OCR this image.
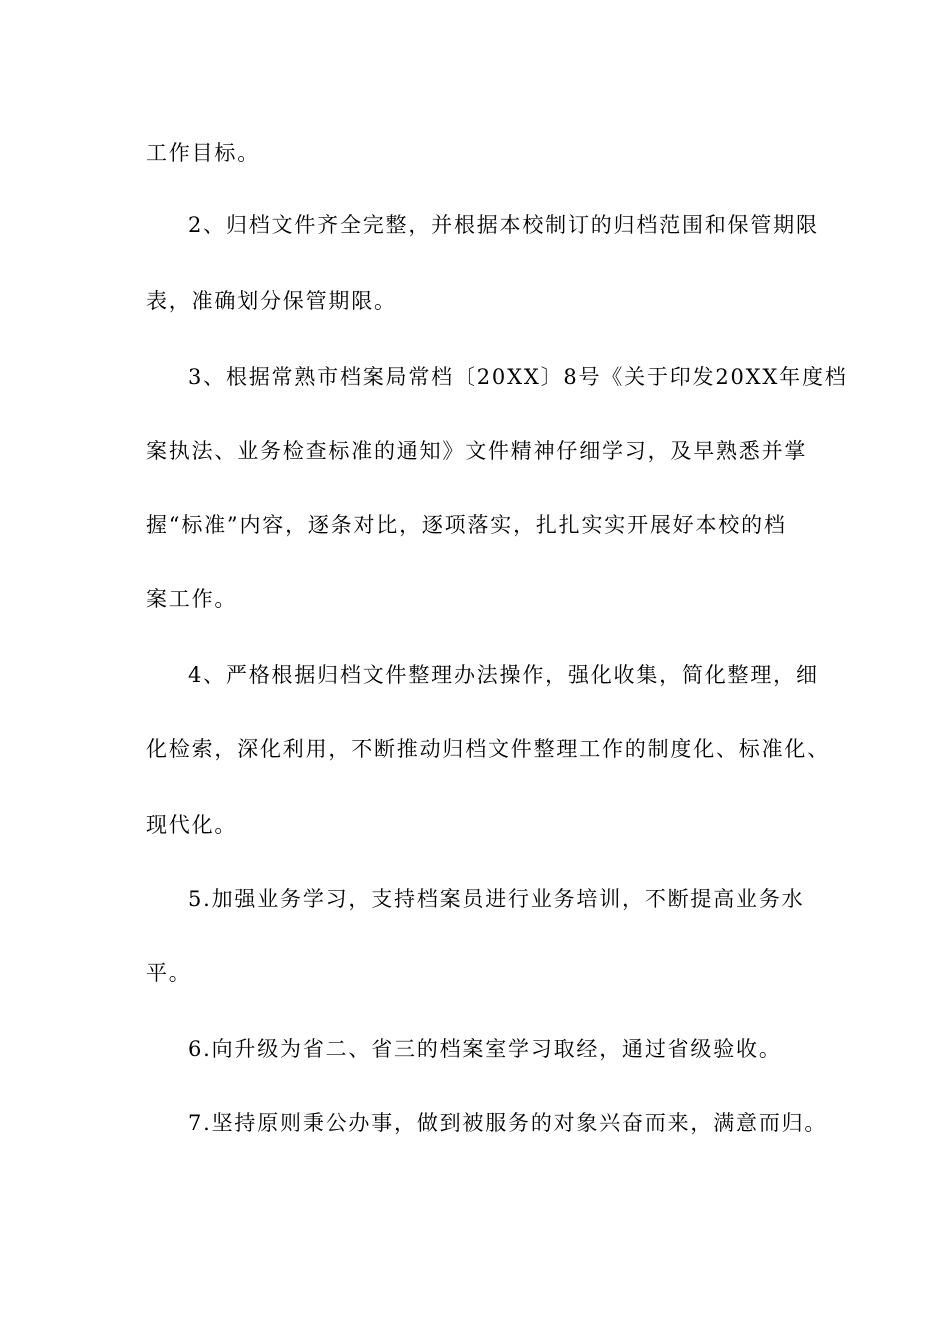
工作目标。
2、归档文件齐全完整，并根据本校制订的归档范围和保管期限
表，准确划分保管期限。
3、根据常熟市档案局常档〔20XX〕8号《关于印发20XX年度档
案执法、业务检查标准的通知》文件精神仔细学习，及早熟悉并掌
握“标准”内容，逐条对比，逐项落实，扎扎实实开展好本校的档
案工作。
4、严格根据归档文件整理办法操作，强化收集，简化整理，细
化检索，深化利用，不断推动归档文件整理工作的制度化、标准化、
现代化。
5.加强业务学习，支持档案员进行业务培训，不断提高业务水
平。
6.向升级为省二、省三的档案室学习取经，通过省级验收。
7.坚持原则秉公办事，做到被服务的对象兴奋而来，满意而归。
